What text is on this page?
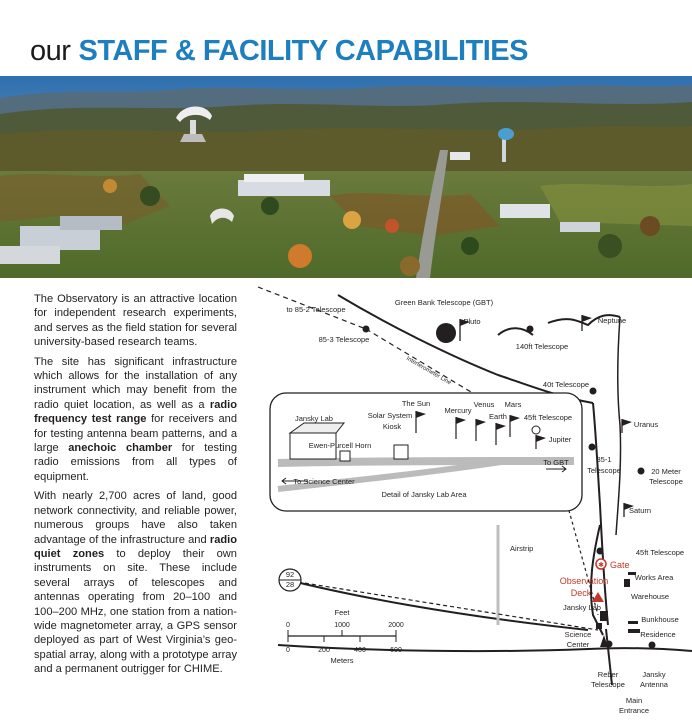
our STAFF & FACILITY CAPABILITIES

The Observatory is an attractive location for independent research experiments, and serves as the field station for several university-based research teams.

The site has significant infrastructure which allows for the installation of any instrument which may benefit from the radio quiet location, as well as a radio frequency test range for receivers and for testing antenna beam patterns, and a large anechoic chamber for testing radio emissions from all types of equipment.

With nearly 2,700 acres of land, good network connectivity, and reliable power, numerous groups have also taken advantage of the infrastructure and radio quiet zones to deploy their own instruments on site. These include several arrays of telescopes and antennas operating from 20–100 and 100–200 MHz, one station from a nation-wide magnetometer array, a GPS sensor deployed as part of West Virginia’s geo-spatial array, along with a prototype array and a permanent outrigger for CHIME.

✱
92
28
Feet
0	1000	2000
0	200	400	600
Meters
Jansky Lab
The Sun
Solar System
Kiosk
Mercury
Venus Mars
Earth 45ft Telescope
Jupiter
Ewen-Purcell Horn
To GBT
To Science Center
Detail of Jansky Lab Area
to 85-2 Telescope
Green Bank Telescope (GBT)
Pluto	Neptune
85-3 Telescope
140ft Telescope
Interferometer Line	40t Telescope
Uranus
85-1
Telescope	20 Meter
Telescope
Saturn
45ft Telescope
Gate
Works Area
Observation
Deck	Warehouse
Airstrip
Jansky Lab
Bunkhouse
Residence
Science
Center
Reber
Telescope
Jansky
Antenna
Main
Entrance
